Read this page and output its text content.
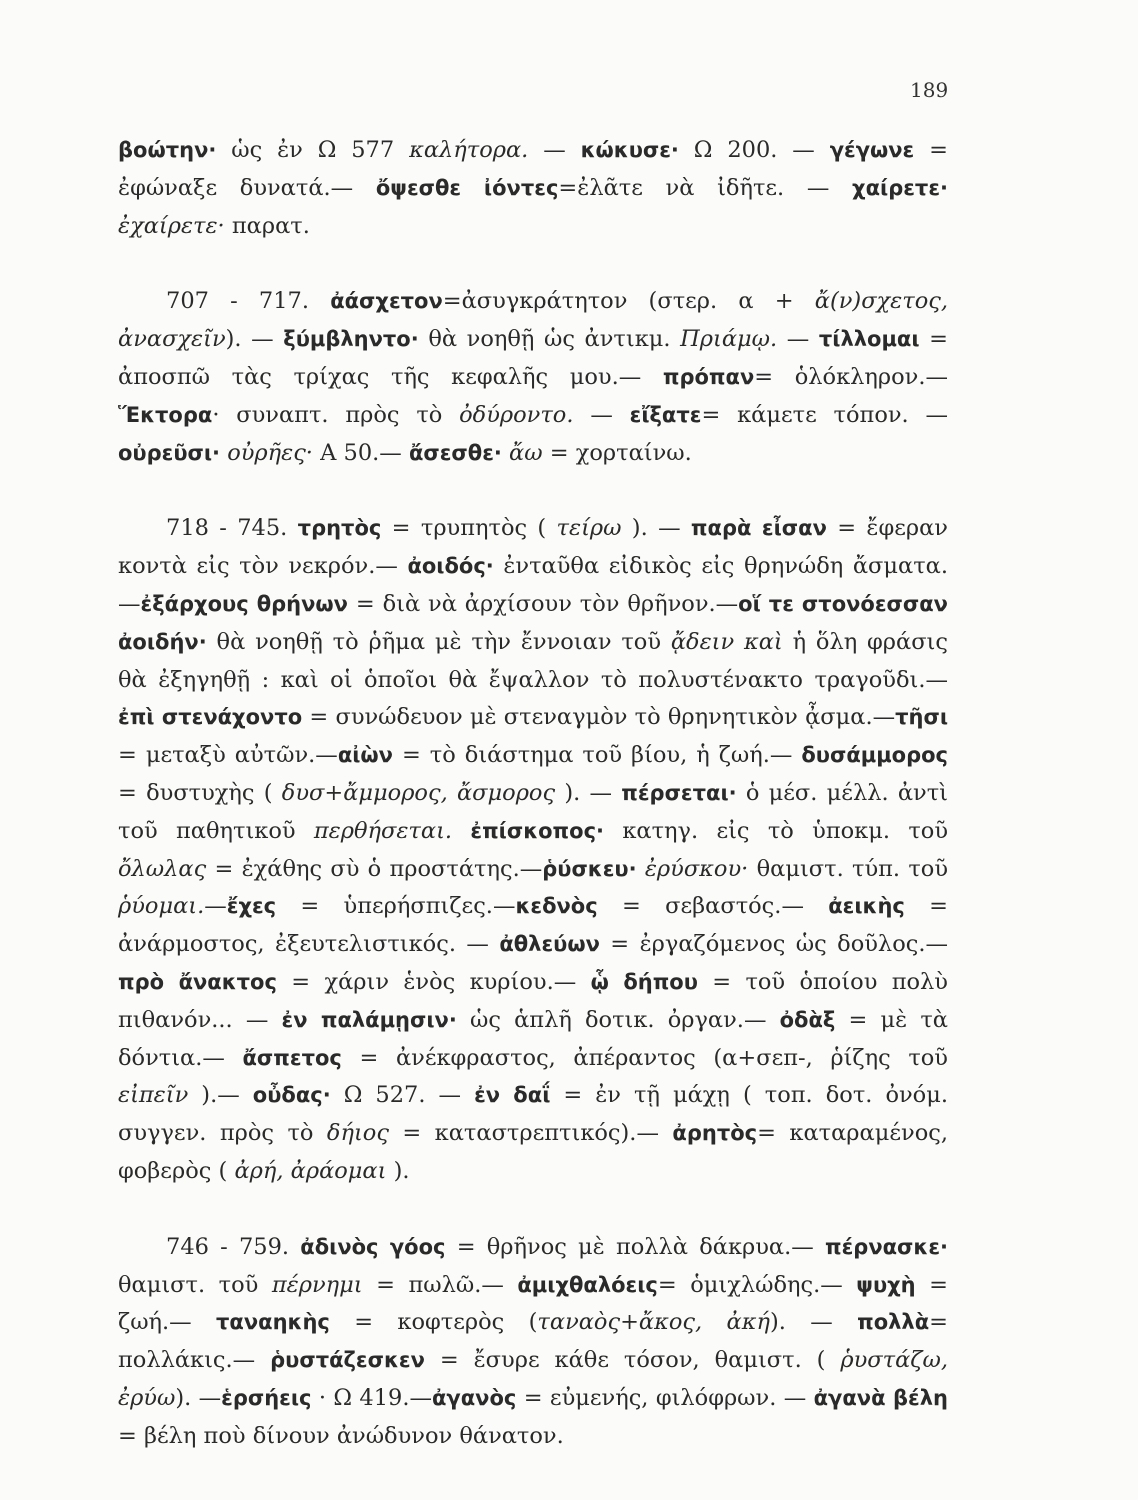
189

βοώτην· ὡς ἐν Ω 577 καλήτορα. — κώκυσε· Ω 200. — γέγωνε = ἐφώναξε δυνατά.— ὄψεσθε ἰόντες=ἐλᾶτε νὰ ἰδῆτε. — χαίρετε· ἐχαίρετε· παρατ.

707 - 717. ἀάσχετον=ἀσυγκράτητον (στερ. α + ἄ(ν)σχετος, ἀνασχεῖν). — ξύμβληντο· θὰ νοηθῇ ὡς ἀντικμ. Πριάμῳ. — τίλλομαι = ἀποσπῶ τὰς τρίχας τῆς κεφαλῆς μου.— πρόπαν= ὁλόκληρον.—Ἕκτορα· συναπτ. πρὸς τὸ ὀδύροντο. — εἴξατε= κάμετε τόπον. — οὐρεῦσι· οὐρῆες· Α 50.— ἄσεσθε· ἄω = χορταίνω.

718 - 745. τρητὸς = τρυπητὸς ( τείρω ). — παρὰ εἶσαν = ἔφεραν κοντὰ εἰς τὸν νεκρόν.— ἀοιδός· ἐνταῦθα εἰδικὸς εἰς θρηνώδη ἄσματα.—ἐξάρχους θρήνων = διὰ νὰ ἀρχίσουν τὸν θρῆνον.—οἵ τε στονόεσσαν ἀοιδήν· θὰ νοηθῇ τὸ ῥῆμα μὲ τὴν ἔννοιαν τοῦ ᾄδειν καὶ ἡ ὅλη φράσις θὰ ἐξηγηθῇ : καὶ οἱ ὁποῖοι θὰ ἔψαλλον τὸ πολυστένακτο τραγοῦδι.— ἐπὶ στενάχοντο = συνώδευον μὲ στεναγμὸν τὸ θρηνητικὸν ᾆσμα.—τῆσι = μεταξὺ αὐτῶν.—αἰὼν = τὸ διάστημα τοῦ βίου, ἡ ζωή.— δυσάμμορος = δυστυχὴς ( δυσ+ἄμμορος, ἄσμορος ). — πέρσεται· ὁ μέσ. μέλλ. ἀντὶ τοῦ παθητικοῦ περθήσεται. ἐπίσκοπος· κατηγ. εἰς τὸ ὑποκμ. τοῦ ὄλωλας = ἐχάθης σὺ ὁ προστάτης.—ῥύσκευ· ἐρύσκου· θαμιστ. τύπ. τοῦ ῥύομαι.—ἔχες = ὑπερήσπιζες.—κεδνὸς = σεβαστός.— ἀεικὴς = ἀνάρμοστος, ἐξευτελιστικός. — ἀθλεύων = ἐργαζόμενος ὡς δοῦλος.— πρὸ ἄνακτος = χάριν ἑνὸς κυρίου.— ᾧ δήπου = τοῦ ὁποίου πολὺ πιθανόν... — ἐν παλάμῃσιν· ὡς ἁπλῆ δοτικ. ὀργαν.— ὀδὰξ = μὲ τὰ δόντια.— ἄσπετος = ἀνέκφραστος, ἀπέραντος (α+σεπ-, ῥίζης τοῦ εἰπεῖν ).— οὖδας· Ω 527. — ἐν δαΐ = ἐν τῇ μάχῃ ( τοπ. δοτ. ὀνόμ. συγγεν. πρὸς τὸ δήιος = καταστρεπτικός).— ἀρητὸς= καταραμένος, φοβερὸς ( ἀρή, ἀράομαι ).

746 - 759. ἀδινὸς γόος = θρῆνος μὲ πολλὰ δάκρυα.— πέρνασκε· θαμιστ. τοῦ πέρνημι = πωλῶ.— ἀμιχθαλόεις= ὁμιχλώδης.— ψυχὴ = ζωή.— ταναηκὴς = κοφτερὸς (ταναὸς+ἄκος, ἀκή). — πολλὰ= πολλάκις.— ῥυστάζεσκεν = ἔσυρε κάθε τόσον, θαμιστ. ( ῥυστάζω, ἐρύω). —ἑρσήεις · Ω 419.—ἀγανὸς = εὐμενής, φιλόφρων. — ἀγανὰ βέλη = βέλη ποὺ δίνουν ἀνώδυνον θάνατον.
